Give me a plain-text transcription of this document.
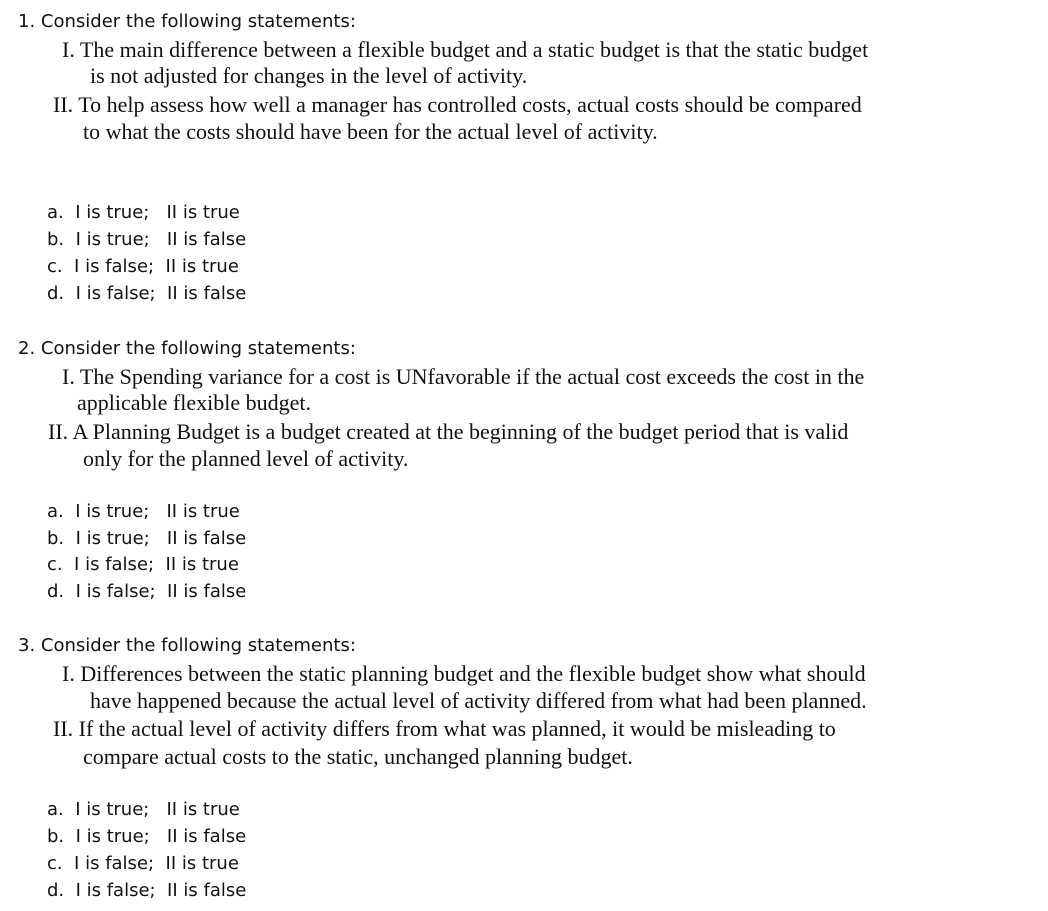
1. Consider the following statements:
I. The main difference between a flexible budget and a static budget is that the static budget
is not adjusted for changes in the level of activity.
II. To help assess how well a manager has controlled costs, actual costs should be compared
to what the costs should have been for the actual level of activity.
a.  I is true;   II is true
b.  I is true;   II is false
c.  I is false;  II is true
d.  I is false;  II is false
2. Consider the following statements:
I. The Spending variance for a cost is UNfavorable if the actual cost exceeds the cost in the
applicable flexible budget.
II. A Planning Budget is a budget created at the beginning of the budget period that is valid
only for the planned level of activity.
a.  I is true;   II is true
b.  I is true;   II is false
c.  I is false;  II is true
d.  I is false;  II is false
3. Consider the following statements:
I. Differences between the static planning budget and the flexible budget show what should
have happened because the actual level of activity differed from what had been planned.
II. If the actual level of activity differs from what was planned, it would be misleading to
compare actual costs to the static, unchanged planning budget.
a.  I is true;   II is true
b.  I is true;   II is false
c.  I is false;  II is true
d.  I is false;  II is false
